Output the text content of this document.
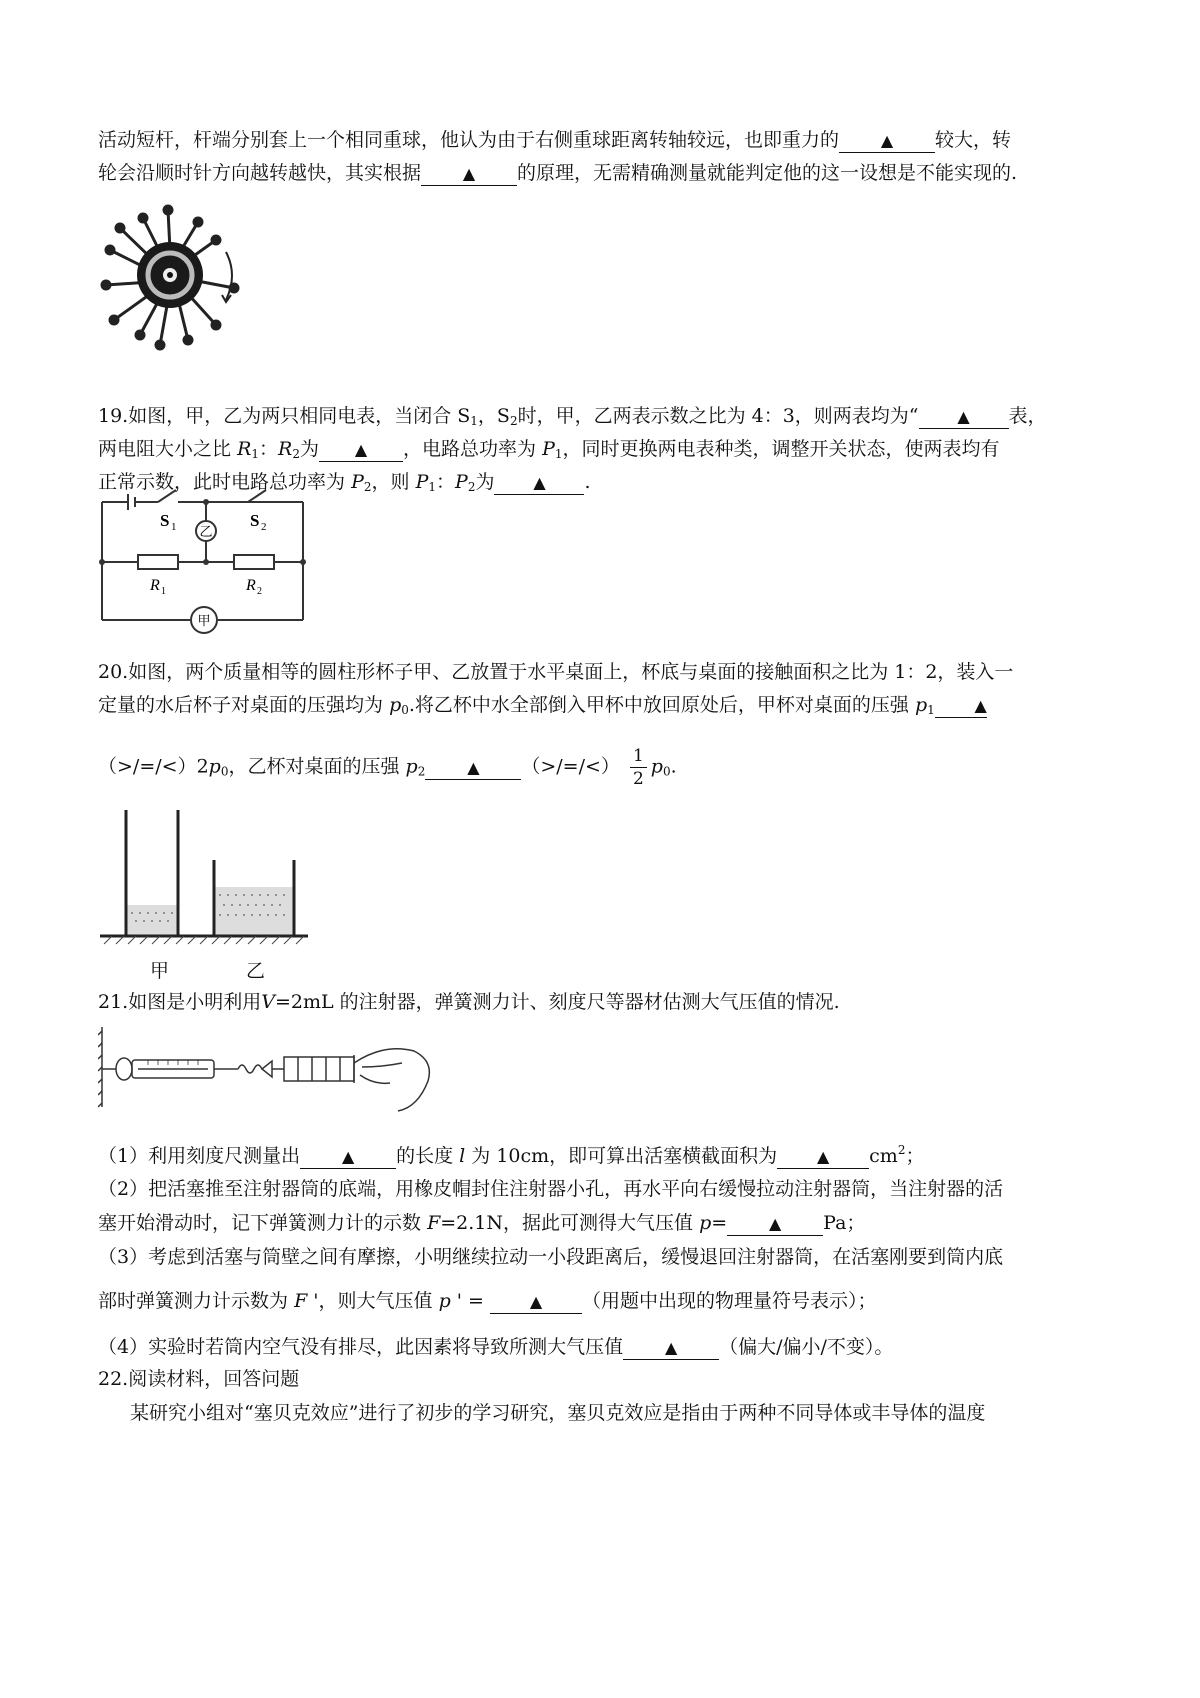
活动短杆，杆端分别套上一个相同重球，他认为由于右侧重球距离转轴较远，也即重力的	▲ 较大，转
轮会沿顺时针方向越转越快，其实根据	▲ 的原理，无需精确测量就能判定他的这一设想是不能实现的.
19.如图，甲，乙为两只相同电表，当闭合 $S_1$，$S_2$时，甲，乙两表示数之比为 4：3，则两表均为“ ▲ 表，
两电阻大小之比 $R_1$：$R_2$为 ▲ ，电路总功率为 $P_1$，同时更换两电表种类，调整开关状态，使两表均有
正常示数，此时电路总功率为 $P_2$，则 $P_1$：$P_2$为 ▲ .
乙
甲
S 1	S 2
R 1	R 2
20.如图，两个质量相等的圆柱形杯子甲、乙放置于水平桌面上，杯底与桌面的接触面积之比为 1：2，装入一
定量的水后杯子对桌面的压强均为 $p_0$.将乙杯中水全部倒入甲杯中放回原处后，甲杯对桌面的压强 $p_1$ ▲
$(>/=/<)2p_0$，乙杯对桌面的压强 $p_2$	▲ （>/=/<） $\frac{1}{2} p_0$.
甲	乙
21.如图是小明利用V=2mL 的注射器，弹簧测力计、刻度尺等器材估测大气压值的情况.
（1）利用刻度尺测量出	▲ 的长度 l 为 10cm，即可算出活塞横截面积为 ▲ $cm^2$；
（2）把活塞推至注射器筒的底端，用橡皮帽封住注射器小孔，再水平向右缓慢拉动注射器筒，当注射器的活
塞开始滑动时，记下弹簧测力计的示数 F=2.1N，据此可测得大气压值 p=	▲ Pa；
（3）考虑到活塞与筒壁之间有摩擦，小明继续拉动一小段距离后，缓慢退回注射器筒，在活塞刚要到筒内底
部时弹簧测力计示数为 F '，则大气压值 p ' = ▲ （用题中出现的物理量符号表示）；
（4）实验时若筒内空气没有排尽，此因素将导致所测大气压值	▲ （偏大/偏小/不变）。
22.阅读材料，回答问题
某研究小组对“塞贝克效应”进行了初步的学习研究，塞贝克效应是指由于两种不同导体或丰导体的温度
